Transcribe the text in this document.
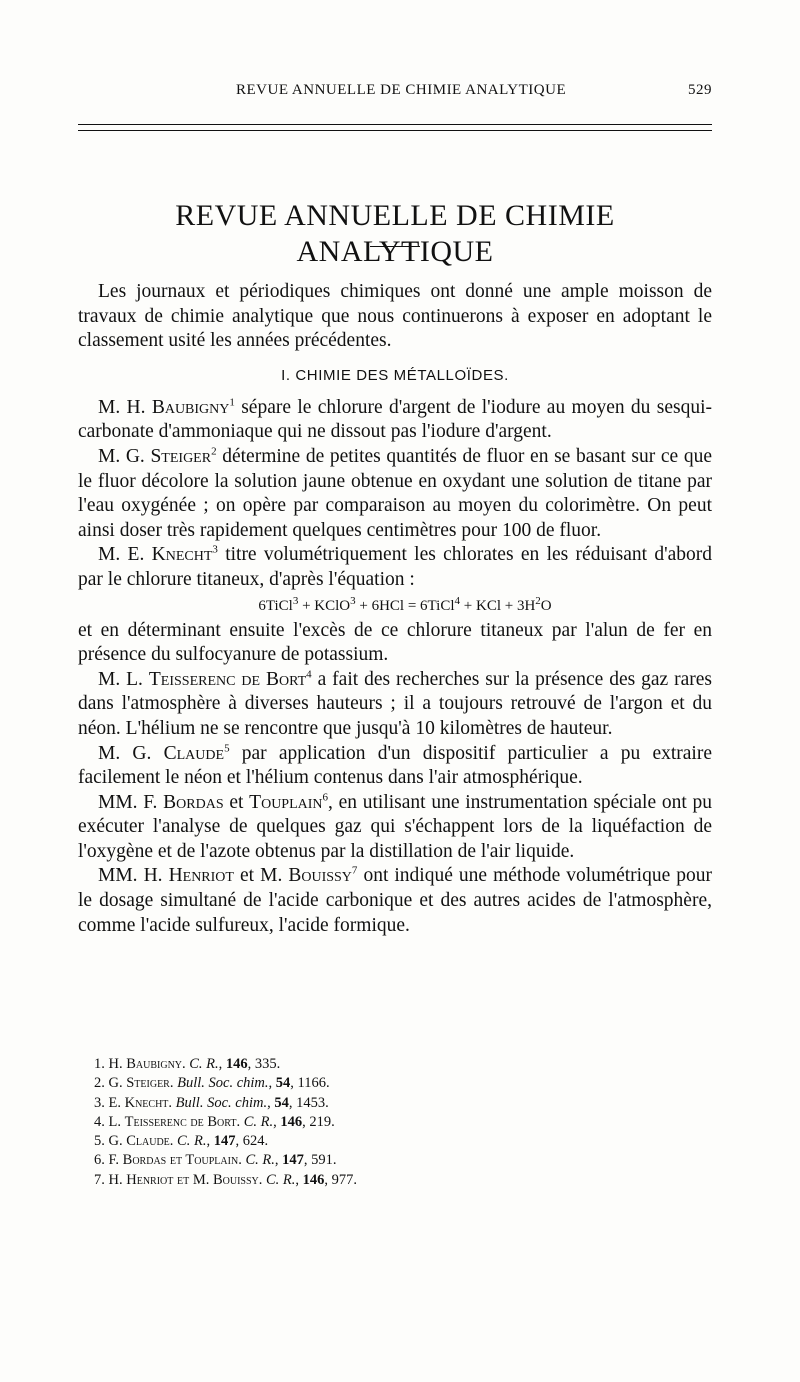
REVUE ANNUELLE DE CHIMIE ANALYTIQUE	529
REVUE ANNUELLE DE CHIMIE ANALYTIQUE

Les journaux et périodiques chimiques ont donné une ample moisson de travaux de chimie analytique que nous continuerons à exposer en adoptant le classement usité les années précédentes.

I. CHIMIE DES MÉTALLOÏDES.

M. H. Baubigny$^1$ sépare le chlorure d'argent de l'iodure au moyen du sesqui-carbonate d'ammoniaque qui ne dissout pas l'iodure d'argent.

M. G. Steiger$^2$ détermine de petites quantités de fluor en se basant sur ce que le fluor décolore la solution jaune obtenue en oxydant une solution de titane par l'eau oxygénée ; on opère par comparaison au moyen du colorimètre. On peut ainsi doser très rapidement quelques centimètres pour 100 de fluor.

M. E. Knecht$^3$ titre volumétriquement les chlorates en les réduisant d'abord par le chlorure titaneux, d'après l'équation :

6TiCl$^3$ + KClO$^3$ + 6HCl = 6TiCl$^4$ + KCl + $3H^2O$

et en déterminant ensuite l'excès de ce chlorure titaneux par l'alun de fer en présence du sulfocyanure de potassium.

M. L. Teisserenc de Bort$^4$ a fait des recherches sur la présence des gaz rares dans l'atmosphère à diverses hauteurs ; il a toujours retrouvé de l'argon et du néon. L'hélium ne se rencontre que jusqu'à 10 kilomètres de hauteur.

M. G. Claude$^5$ par application d'un dispositif particulier a pu extraire facilement le néon et l'hélium contenus dans l'air atmosphérique.

MM. F. Bordas et Touplain$^6$, en utilisant une instrumentation spéciale ont pu exécuter l'analyse de quelques gaz qui s'échappent lors de la liquéfaction de l'oxygène et de l'azote obtenus par la distillation de l'air liquide.

MM. H. Henriot et M. Bouissy$^7$ ont indiqué une méthode volumétrique pour le dosage simultané de l'acide carbonique et des autres acides de l'atmosphère, comme l'acide sulfureux, l'acide formique.

1. H. Baubigny. C. R., 146, 335.
2. G. Steiger. Bull. Soc. chim., 54, 1166.
3. E. Knecht. Bull. Soc. chim., 54, 1453.
4. L. Teisserenc de Bort. C. R., 146, 219.
5. G. Claude. C. R., 147, 624.
6. F. Bordas et Touplain. C. R., 147, 591.
7. H. Henriot et M. Bouissy. C. R., 146, 977.
